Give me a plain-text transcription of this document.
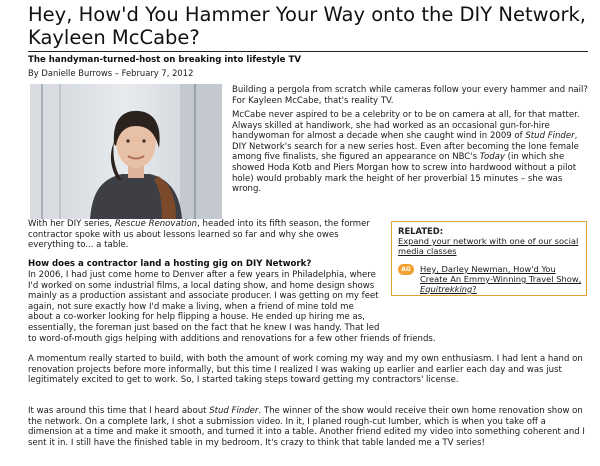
Hey, How'd You Hammer Your Way onto the DIY Network, Kayleen McCabe?

The handyman-turned-host on breaking into lifestyle TV

By Danielle Burrows – February 7, 2012

Building a pergola from scratch while cameras follow your every hammer and nail? For Kayleen McCabe, that's reality TV.

McCabe never aspired to be a celebrity or to be on camera at all, for that matter. Always skilled at handiwork, she had worked as an occasional gun-for-hire handywoman for almost a decade when she caught wind in 2009 of Stud Finder, DIY Network's search for a new series host. Even after becoming the lone female among five finalists, she figured an appearance on NBC's Today (in which she showed Hoda Kotb and Piers Morgan how to screw into hardwood without a pilot hole) would probably mark the height of her proverbial 15 minutes – she was wrong.

With her DIY series, Rescue Renovation, headed into its fifth season, the former contractor spoke with us about lessons learned so far and why she owes everything to... a table.

RELATED:

Expand your network with one of our social media classes

AG	Hey, Darley Newman, How'd You Create An Emmy-Winning Travel Show, Equitrekking?

How does a contractor land a hosting gig on DIY Network?

In 2006, I had just come home to Denver after a few years in Philadelphia, where I'd worked on some industrial films, a local dating show, and home design shows mainly as a production assistant and associate producer. I was getting on my feet again, not sure exactly how I'd make a living, when a friend of mine told me about a co-worker looking for help flipping a house. He ended up hiring me as, essentially, the foreman just based on the fact that he knew I was handy. That led to word-of-mouth gigs helping with additions and renovations for a few other friends of friends.

A momentum really started to build, with both the amount of work coming my way and my own enthusiasm. I had lent a hand on renovation projects before more informally, but this time I realized I was waking up earlier and earlier each day and was just legitimately excited to get to work. So, I started taking steps toward getting my contractors' license.

It was around this time that I heard about Stud Finder. The winner of the show would receive their own home renovation show on the network. On a complete lark, I shot a submission video. In it, I planed rough-cut lumber, which is when you take off a dimension at a time and make it smooth, and turned it into a table. Another friend edited my video into something coherent and I sent it in. I still have the finished table in my bedroom. It's crazy to think that table landed me a TV series!
